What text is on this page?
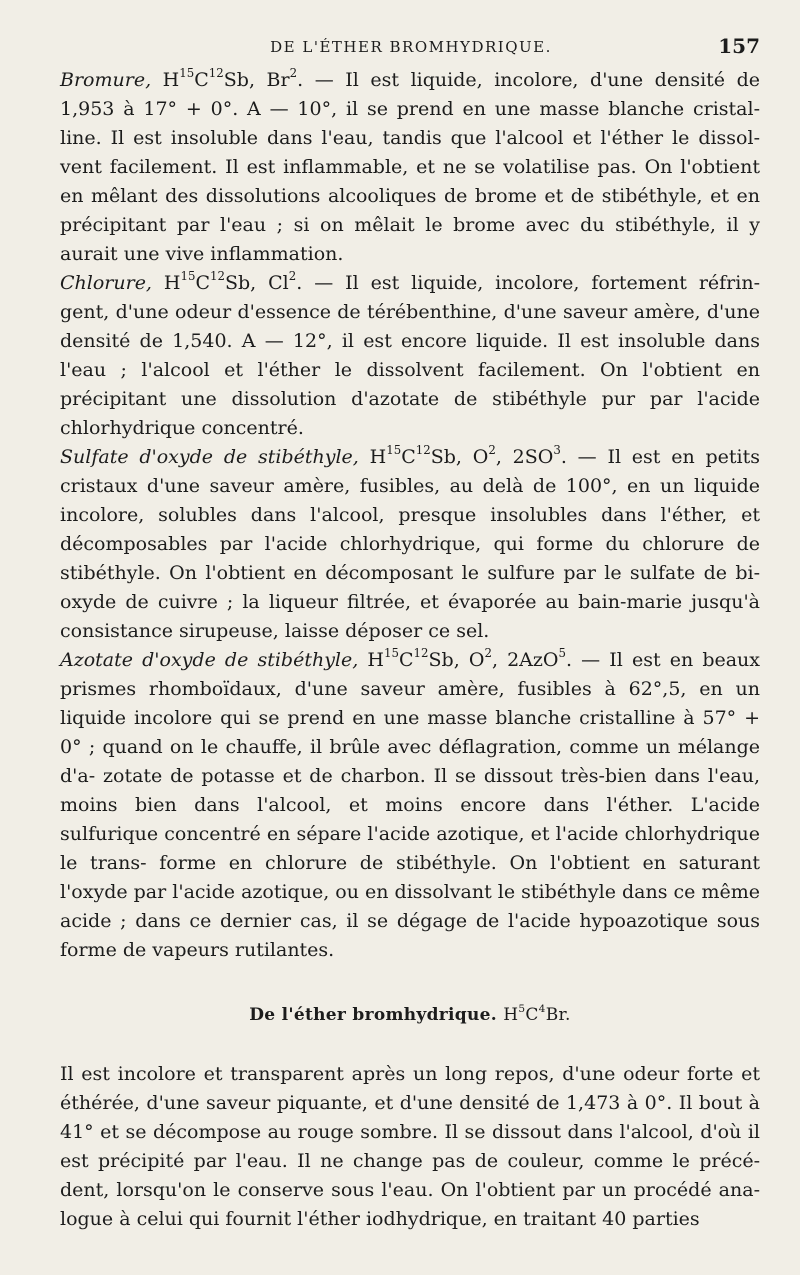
DE L'ÉTHER BROMHYDRIQUE.	157

Bromure, $H^{15}C^{12}Sb$, Br$^2$. — Il est liquide, incolore, d'une densité de 1,953 à 17° + 0°. A — 10°, il se prend en une masse blanche cristal- line. Il est insoluble dans l'eau, tandis que l'alcool et l'éther le dissol- vent facilement. Il est inflammable, et ne se volatilise pas. On l'obtient en mêlant des dissolutions alcooliques de brome et de stibéthyle, et en précipitant par l'eau ; si on mêlait le brome avec du stibéthyle, il y aurait une vive inflammation.

Chlorure, $H^{15}C^{12}Sb$, Cl$^2$. — Il est liquide, incolore, fortement réfrin- gent, d'une odeur d'essence de térébenthine, d'une saveur amère, d'une densité de 1,540. A — 12°, il est encore liquide. Il est insoluble dans l'eau ; l'alcool et l'éther le dissolvent facilement. On l'obtient en précipitant une dissolution d'azotate de stibéthyle pur par l'acide chlorhydrique concentré.

Sulfate d'oxyde de stibéthyle, $H^{15}C^{12}Sb$, $O^2$, $2SO^3$. — Il est en petits cristaux d'une saveur amère, fusibles, au delà de 100°, en un liquide incolore, solubles dans l'alcool, presque insolubles dans l'éther, et décomposables par l'acide chlorhydrique, qui forme du chlorure de stibéthyle. On l'obtient en décomposant le sulfure par le sulfate de bi- oxyde de cuivre ; la liqueur filtrée, et évaporée au bain-marie jusqu'à consistance sirupeuse, laisse déposer ce sel.

Azotate d'oxyde de stibéthyle, $H^{15}C^{12}Sb$, $O^2$, 2AzO$^5$. — Il est en beaux prismes rhomboïdaux, d'une saveur amère, fusibles à 62°,5, en un liquide incolore qui se prend en une masse blanche cristalline à 57° + 0° ; quand on le chauffe, il brûle avec déflagration, comme un mélange d'a- zotate de potasse et de charbon. Il se dissout très-bien dans l'eau, moins bien dans l'alcool, et moins encore dans l'éther. L'acide sulfurique concentré en sépare l'acide azotique, et l'acide chlorhydrique le trans- forme en chlorure de stibéthyle. On l'obtient en saturant l'oxyde par l'acide azotique, ou en dissolvant le stibéthyle dans ce même acide ; dans ce dernier cas, il se dégage de l'acide hypoazotique sous forme de vapeurs rutilantes.

De l'éther bromhydrique. $H^5C^4Br$.

Il est incolore et transparent après un long repos, d'une odeur forte et éthérée, d'une saveur piquante, et d'une densité de 1,473 à 0°. Il bout à 41° et se décompose au rouge sombre. Il se dissout dans l'alcool, d'où il est précipité par l'eau. Il ne change pas de couleur, comme le précé- dent, lorsqu'on le conserve sous l'eau. On l'obtient par un procédé ana- logue à celui qui fournit l'éther iodhydrique, en traitant 40 parties
